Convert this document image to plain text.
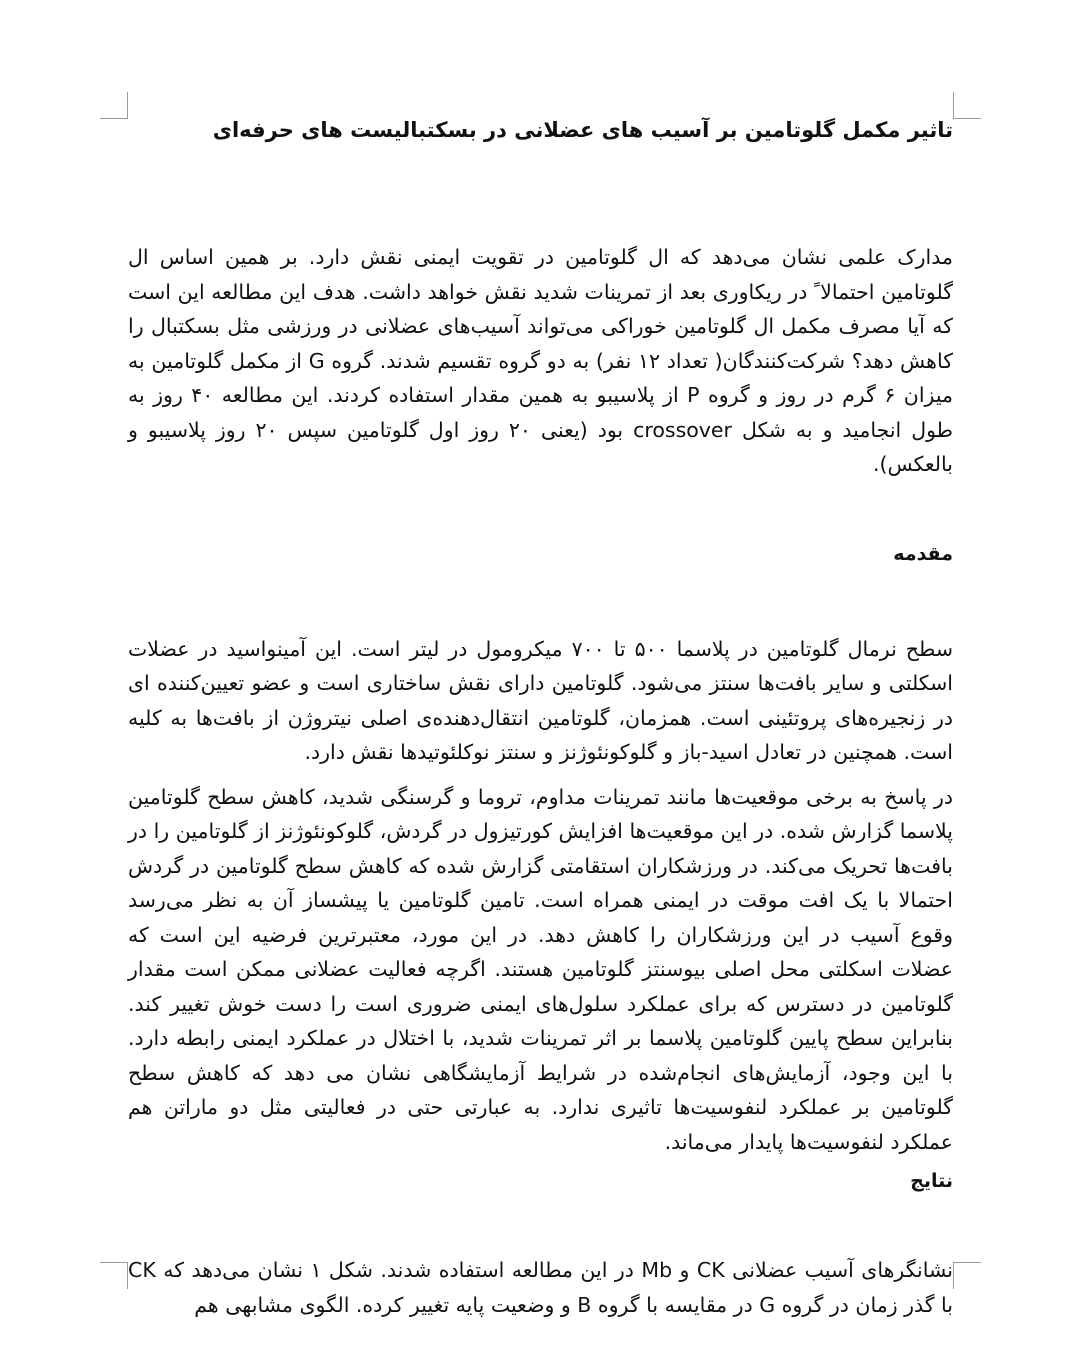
تاثیر مکمل گلوتامین بر آسیب های عضلانی در بسکتبالیست های حرفه‌ای

مدارک علمی نشان می‌دهد که ال گلوتامین در تقویت ایمنی نقش دارد. بر همین اساس ال گلوتامین احتمالا ً در ریکاوری بعد از تمرینات شدید نقش خواهد داشت. هدف این مطالعه این است که آیا مصرف مکمل ال گلوتامین خوراکی می‌تواند آسیب‌های عضلانی در ورزشی مثل بسکتبال را کاهش دهد؟ شرکت‌کنندگان( تعداد ۱۲ نفر) به دو گروه تقسیم شدند. گروه G از مکمل گلوتامین به میزان ۶ گرم در روز و گروه P از پلاسیبو به همین مقدار استفاده کردند. این مطالعه ۴۰ روز به طول انجامید و به شکل crossover بود (یعنی ۲۰ روز اول گلوتامین سپس ۲۰ روز پلاسیبو و بالعکس).

مقدمه

سطح نرمال گلوتامین در پلاسما ۵۰۰ تا ۷۰۰ میکرومول در لیتر است. این آمینواسید در عضلات اسکلتی و سایر بافت‌ها سنتز می‌شود. گلوتامین دارای نقش ساختاری است و عضو تعیین‌کننده ای در زنجیره‌های پروتئینی است. همزمان، گلوتامین انتقال‌دهنده‌ی اصلی نیتروژن از بافت‌ها به کلیه است. همچنین در تعادل اسید-باز و گلوکونئوژنز و سنتز نوکلئوتیدها نقش دارد.

در پاسخ به برخی موقعیت‌ها مانند تمرینات مداوم، تروما و گرسنگی شدید، کاهش سطح گلوتامین پلاسما گزارش شده. در این موقعیت‌ها افزایش کورتیزول در گردش، گلوکونئوژنز از گلوتامین را در بافت‌ها تحریک می‌کند. در ورزشکاران استقامتی گزارش شده که کاهش سطح گلوتامین در گردش احتمالا با یک افت موقت در ایمنی همراه است. تامین گلوتامین یا پیشساز آن به نظر می‌رسد وقوع آسیب در این ورزشکاران را کاهش دهد. در این مورد، معتبرترین فرضیه این است که عضلات اسکلتی محل اصلی بیوسنتز گلوتامین هستند. اگرچه فعالیت عضلانی ممکن است مقدار گلوتامین در دسترس که برای عملکرد سلول‌های ایمنی ضروری است را دست خوش تغییر کند. بنابراین سطح پایین گلوتامین پلاسما بر اثر تمرینات شدید، با اختلال در عملکرد ایمنی رابطه دارد. با این وجود، آزمایش‌های انجام‌شده در شرایط آزمایشگاهی نشان می دهد که کاهش سطح گلوتامین بر عملکرد لنفوسیت‌ها تاثیری ندارد. به عبارتی حتی در فعالیتی مثل دو ماراتن هم عملکرد لنفوسیت‌ها پایدار می‌ماند.

نتایج

نشانگرهای آسیب عضلانی CK و Mb در این مطالعه استفاده شدند. شکل ۱ نشان می‌دهد که CK با گذر زمان در گروه G در مقایسه با گروه B و وضعیت پایه تغییر کرده. الگوی مشابهی هم
